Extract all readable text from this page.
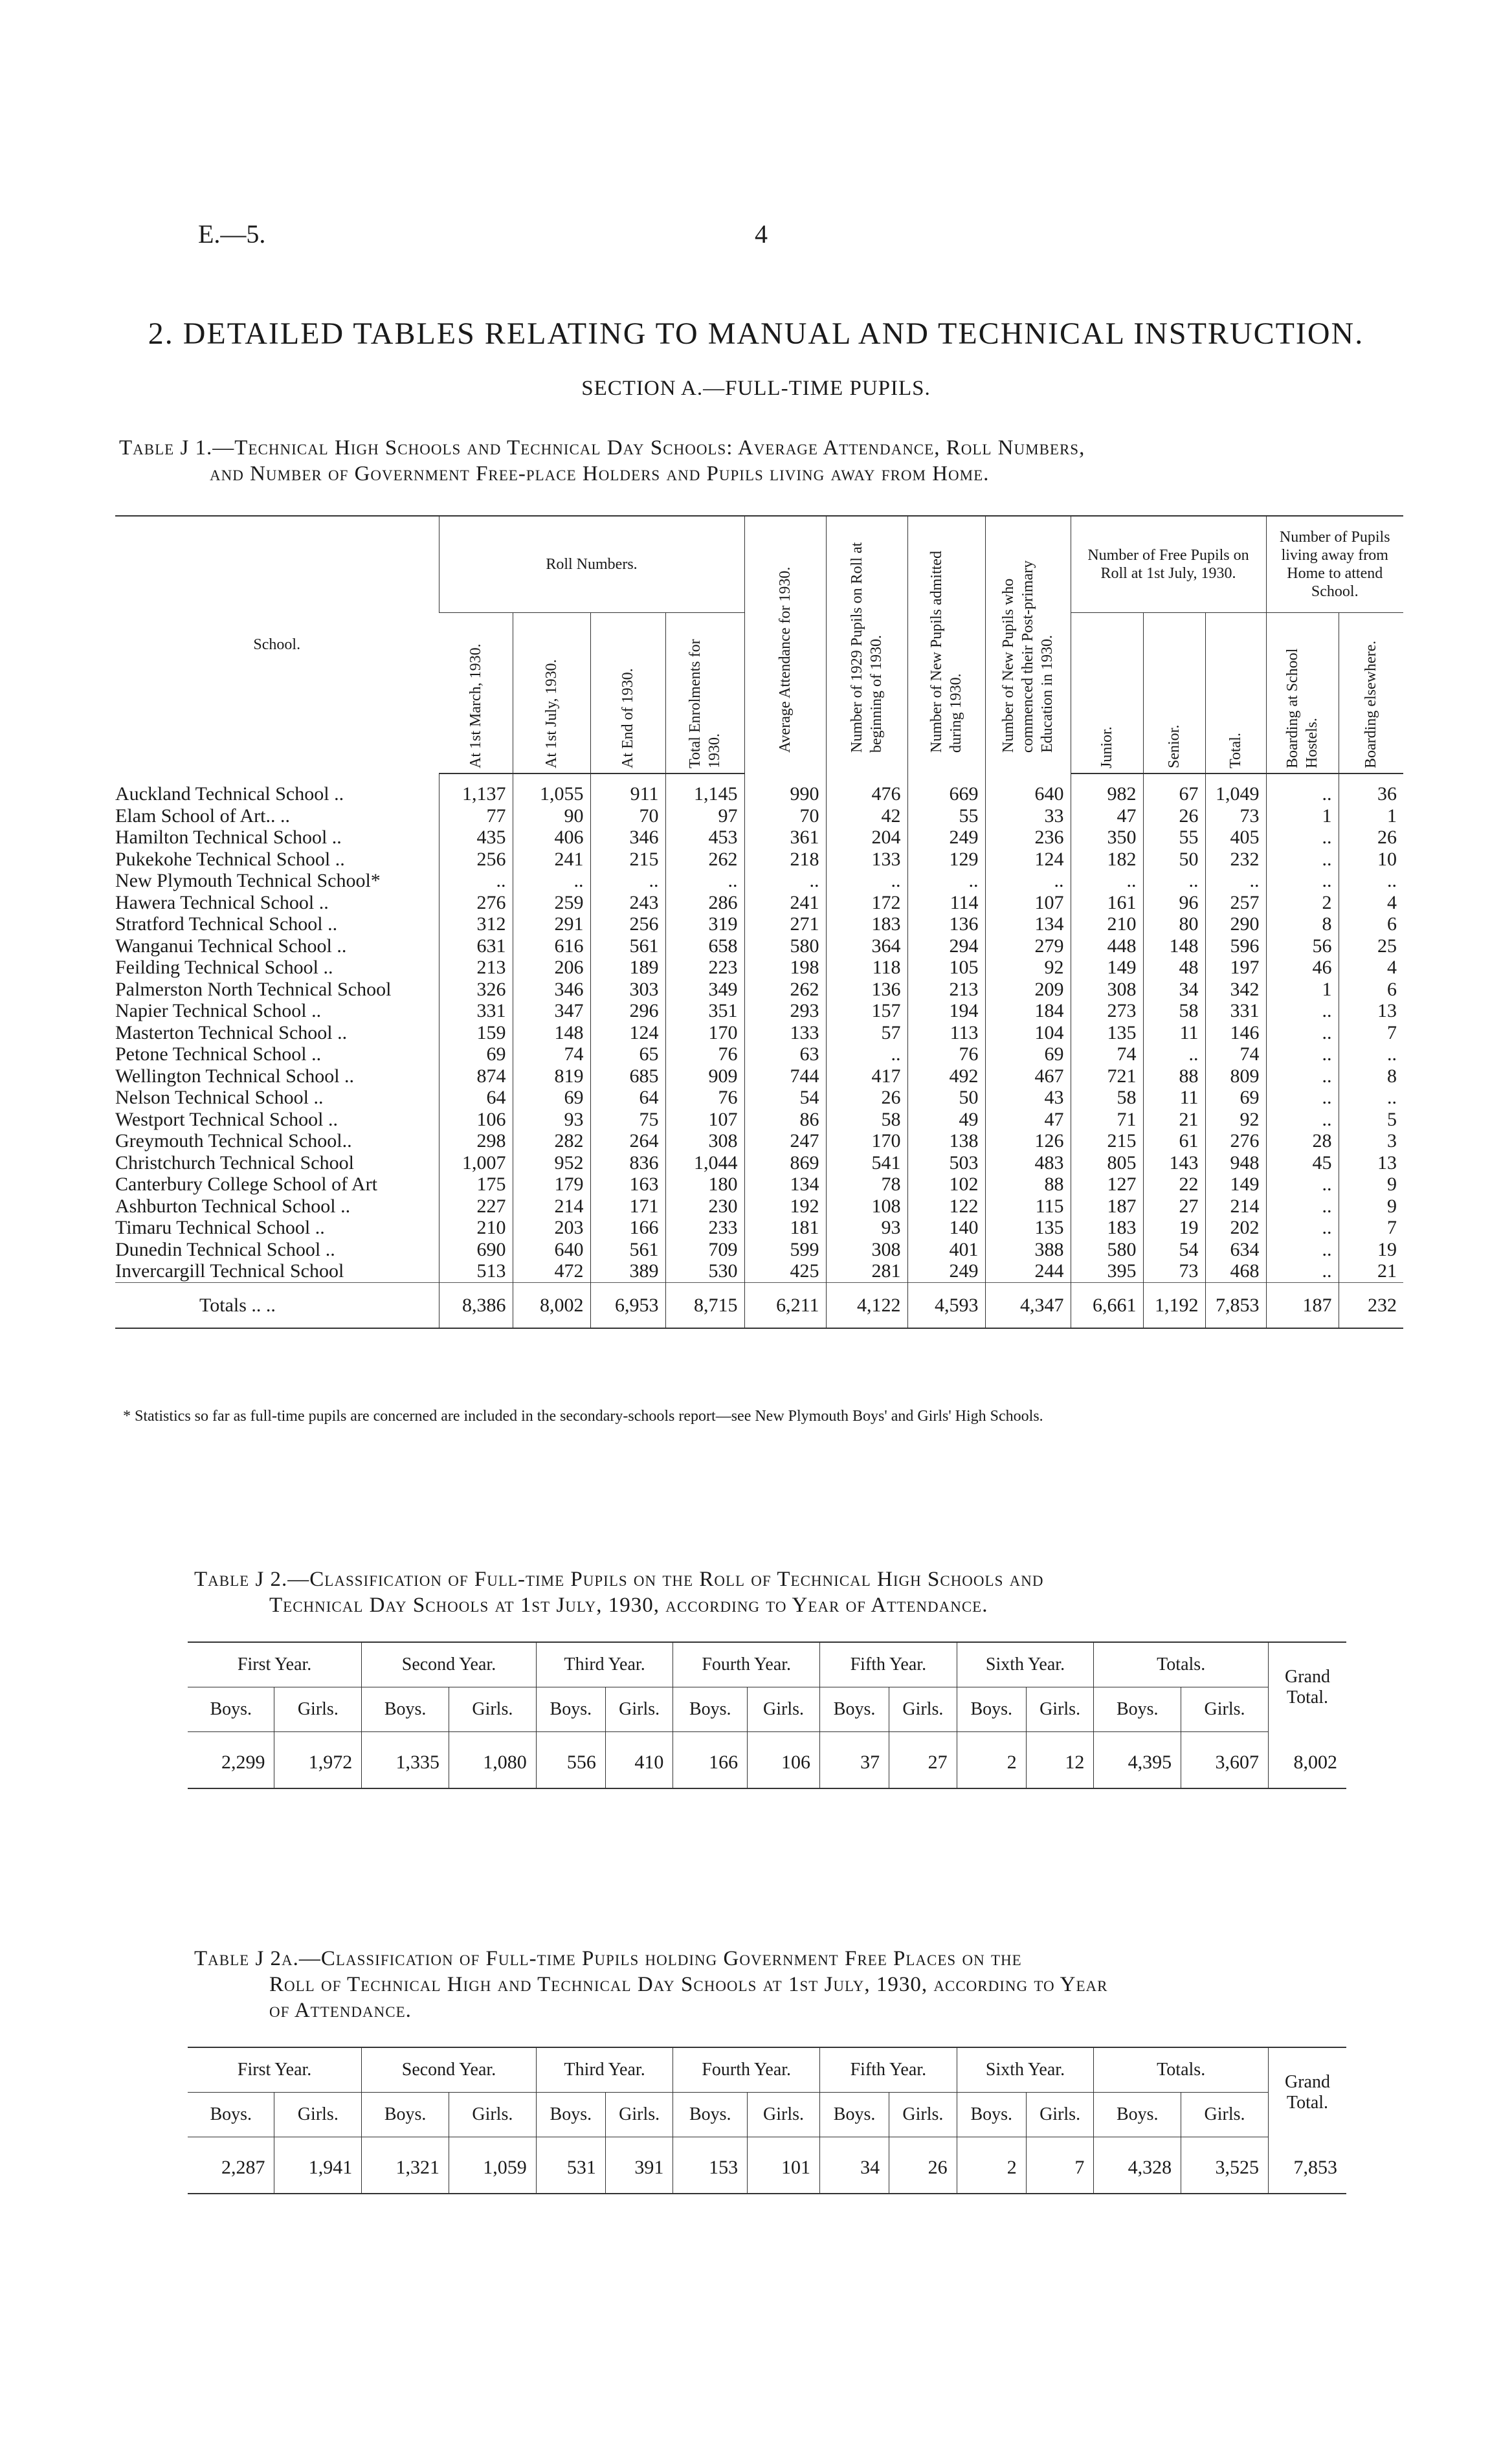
E.—5.	4
2. DETAILED TABLES RELATING TO MANUAL AND TECHNICAL INSTRUCTION.
SECTION A.—FULL-TIME PUPILS.
Table J 1.—Technical High Schools and Technical Day Schools: Average Attendance, Roll Numbers,
and Number of Government Free-place Holders and Pupils living away from Home.
School.	Roll Numbers.				Average Attendance for 1930.	Number of 1929 Pupils on Roll at beginning of 1930.	Number of New Pupils admitted during 1930.	Number of New Pupils who commenced their Post-primary Education in 1930.	Number of Free Pupils on Roll at 1st July, 1930.			Number of Pupils living away from Home to attend School.	
	At 1st March, 1930.	At 1st July, 1930.	At End of 1930.	Total Enrolments for 1930.					Junior.	Senior.	Total.	Boarding at School Hostels.	Boarding elsewhere.
Auckland Technical School ..	1,137	1,055	911	1,145	990	476	669	640	982	67	1,049	..	36
Elam School of Art.. ..	77	90	70	97	70	42	55	33	47	26	73	1	1
Hamilton Technical School ..	435	406	346	453	361	204	249	236	350	55	405	..	26
Pukekohe Technical School ..	256	241	215	262	218	133	129	124	182	50	232	..	10
New Plymouth Technical School*	..	..	..	..	..	..	..	..	..	..	..	..	..
Hawera Technical School ..	276	259	243	286	241	172	114	107	161	96	257	2	4
Stratford Technical School ..	312	291	256	319	271	183	136	134	210	80	290	8	6
Wanganui Technical School ..	631	616	561	658	580	364	294	279	448	148	596	56	25
Feilding Technical School ..	213	206	189	223	198	118	105	92	149	48	197	46	4
Palmerston North Technical School	326	346	303	349	262	136	213	209	308	34	342	1	6
Napier Technical School ..	331	347	296	351	293	157	194	184	273	58	331	..	13
Masterton Technical School ..	159	148	124	170	133	57	113	104	135	11	146	..	7
Petone Technical School ..	69	74	65	76	63	..	76	69	74	..	74	..	..
Wellington Technical School ..	874	819	685	909	744	417	492	467	721	88	809	..	8
Nelson Technical School ..	64	69	64	76	54	26	50	43	58	11	69	..	..
Westport Technical School ..	106	93	75	107	86	58	49	47	71	21	92	..	5
Greymouth Technical School..	298	282	264	308	247	170	138	126	215	61	276	28	3
Christchurch Technical School	1,007	952	836	1,044	869	541	503	483	805	143	948	45	13
Canterbury College School of Art	175	179	163	180	134	78	102	88	127	22	149	..	9
Ashburton Technical School ..	227	214	171	230	192	108	122	115	187	27	214	..	9
Timaru Technical School ..	210	203	166	233	181	93	140	135	183	19	202	..	7
Dunedin Technical School ..	690	640	561	709	599	308	401	388	580	54	634	..	19
Invercargill Technical School	513	472	389	530	425	281	249	244	395	73	468	..	21
Totals .. ..	8,386	8,002	6,953	8,715	6,211	4,122	4,593	4,347	6,661	1,192	7,853	187	232
* Statistics so far as full-time pupils are concerned are included in the secondary-schools report—see New Plymouth Boys' and Girls' High Schools.
Table J 2.—Classification of Full-time Pupils on the Roll of Technical High Schools and
Technical Day Schools at 1st July, 1930, according to Year of Attendance.
First Year.		Second Year.		Third Year.		Fourth Year.		Fifth Year.		Sixth Year.		Totals.		Grand Total.
Boys.	Girls.	Boys.	Girls.	Boys.	Girls.	Boys.	Girls.	Boys.	Girls.	Boys.	Girls.	Boys.	Girls.	
2,299	1,972	1,335	1,080	556	410	166	106	37	27	2	12	4,395	3,607	8,002
Table J 2a.—Classification of Full-time Pupils holding Government Free Places on the
Roll of Technical High and Technical Day Schools at 1st July, 1930, according to Year
of Attendance.
First Year.		Second Year.		Third Year.		Fourth Year.		Fifth Year.		Sixth Year.		Totals.		Grand Total.
Boys.	Girls.	Boys.	Girls.	Boys.	Girls.	Boys.	Girls.	Boys.	Girls.	Boys.	Girls.	Boys.	Girls.	
2,287	1,941	1,321	1,059	531	391	153	101	34	26	2	7	4,328	3,525	7,853
